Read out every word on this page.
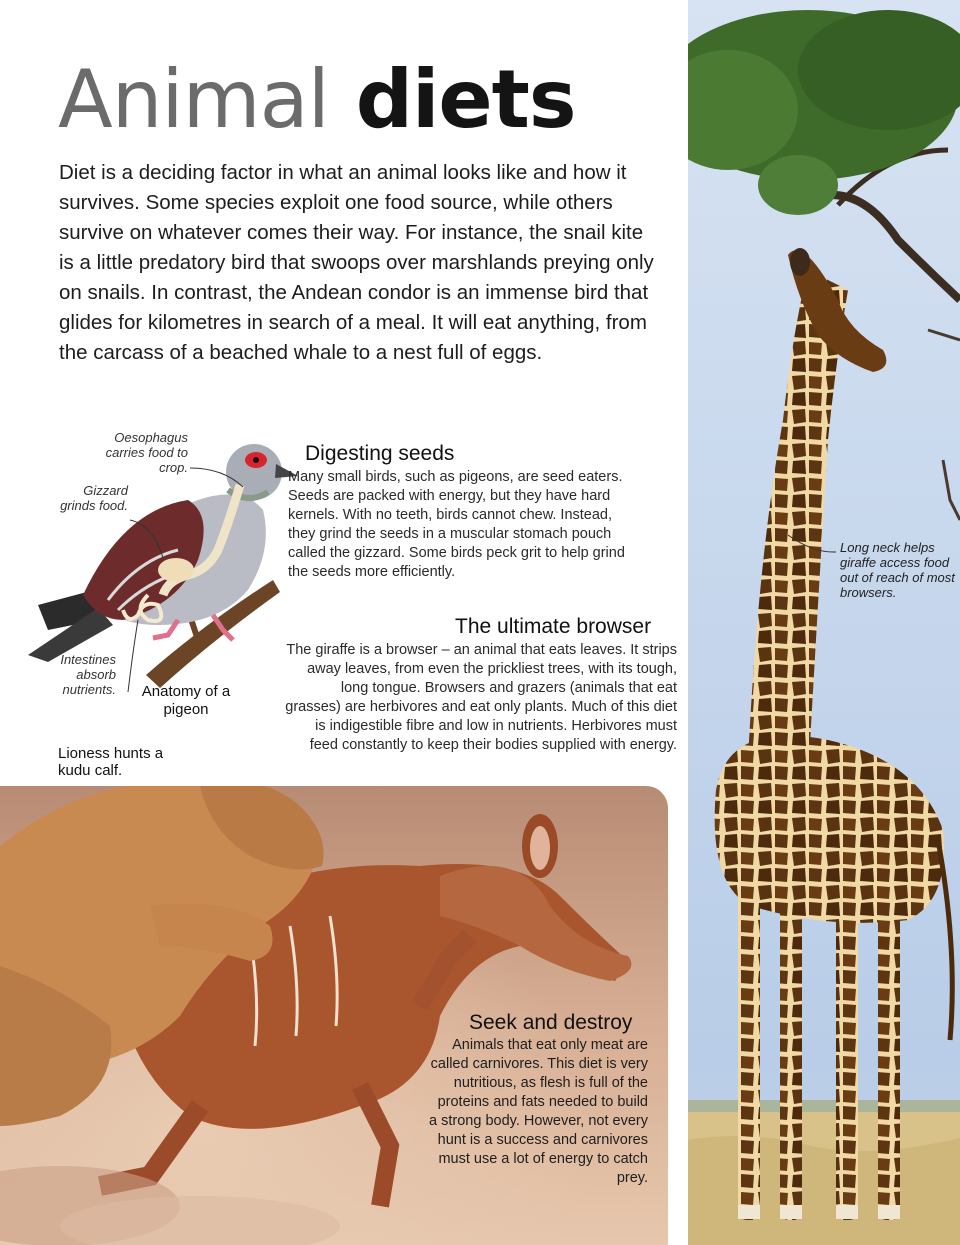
Animal diets

Diet is a deciding factor in what an animal looks like and how it survives. Some species exploit one food source, while others survive on whatever comes their way. For instance, the snail kite is a little predatory bird that swoops over marshlands preying only on snails. In contrast, the Andean condor is an immense bird that glides for kilometres in search of a meal. It will eat anything, from the carcass of a beached whale to a nest full of eggs.

Long neck helps giraffe access food out of reach of most browsers.
Oesophagus carries food to crop.
Gizzard grinds food.
Intestines absorb nutrients. Anatomy of a pigeon
Digesting seeds

Many small birds, such as pigeons, are seed eaters. Seeds are packed with energy, but they have hard kernels. With no teeth, birds cannot chew. Instead, they grind the seeds in a muscular stomach pouch called the gizzard. Some birds peck grit to help grind the seeds more efficiently.

The ultimate browser

The giraffe is a browser – an animal that eats leaves. It strips away leaves, from even the prickliest trees, with its tough, long tongue. Browsers and grazers (animals that eat grasses) are herbivores and eat only plants. Much of this diet is indigestible fibre and low in nutrients. Herbivores must feed constantly to keep their bodies supplied with energy.

Lioness hunts a kudu calf.
Seek and destroy

Animals that eat only meat are called carnivores. This diet is very nutritious, as flesh is full of the proteins and fats needed to build a strong body. However, not every hunt is a success and carnivores must use a lot of energy to catch prey.
